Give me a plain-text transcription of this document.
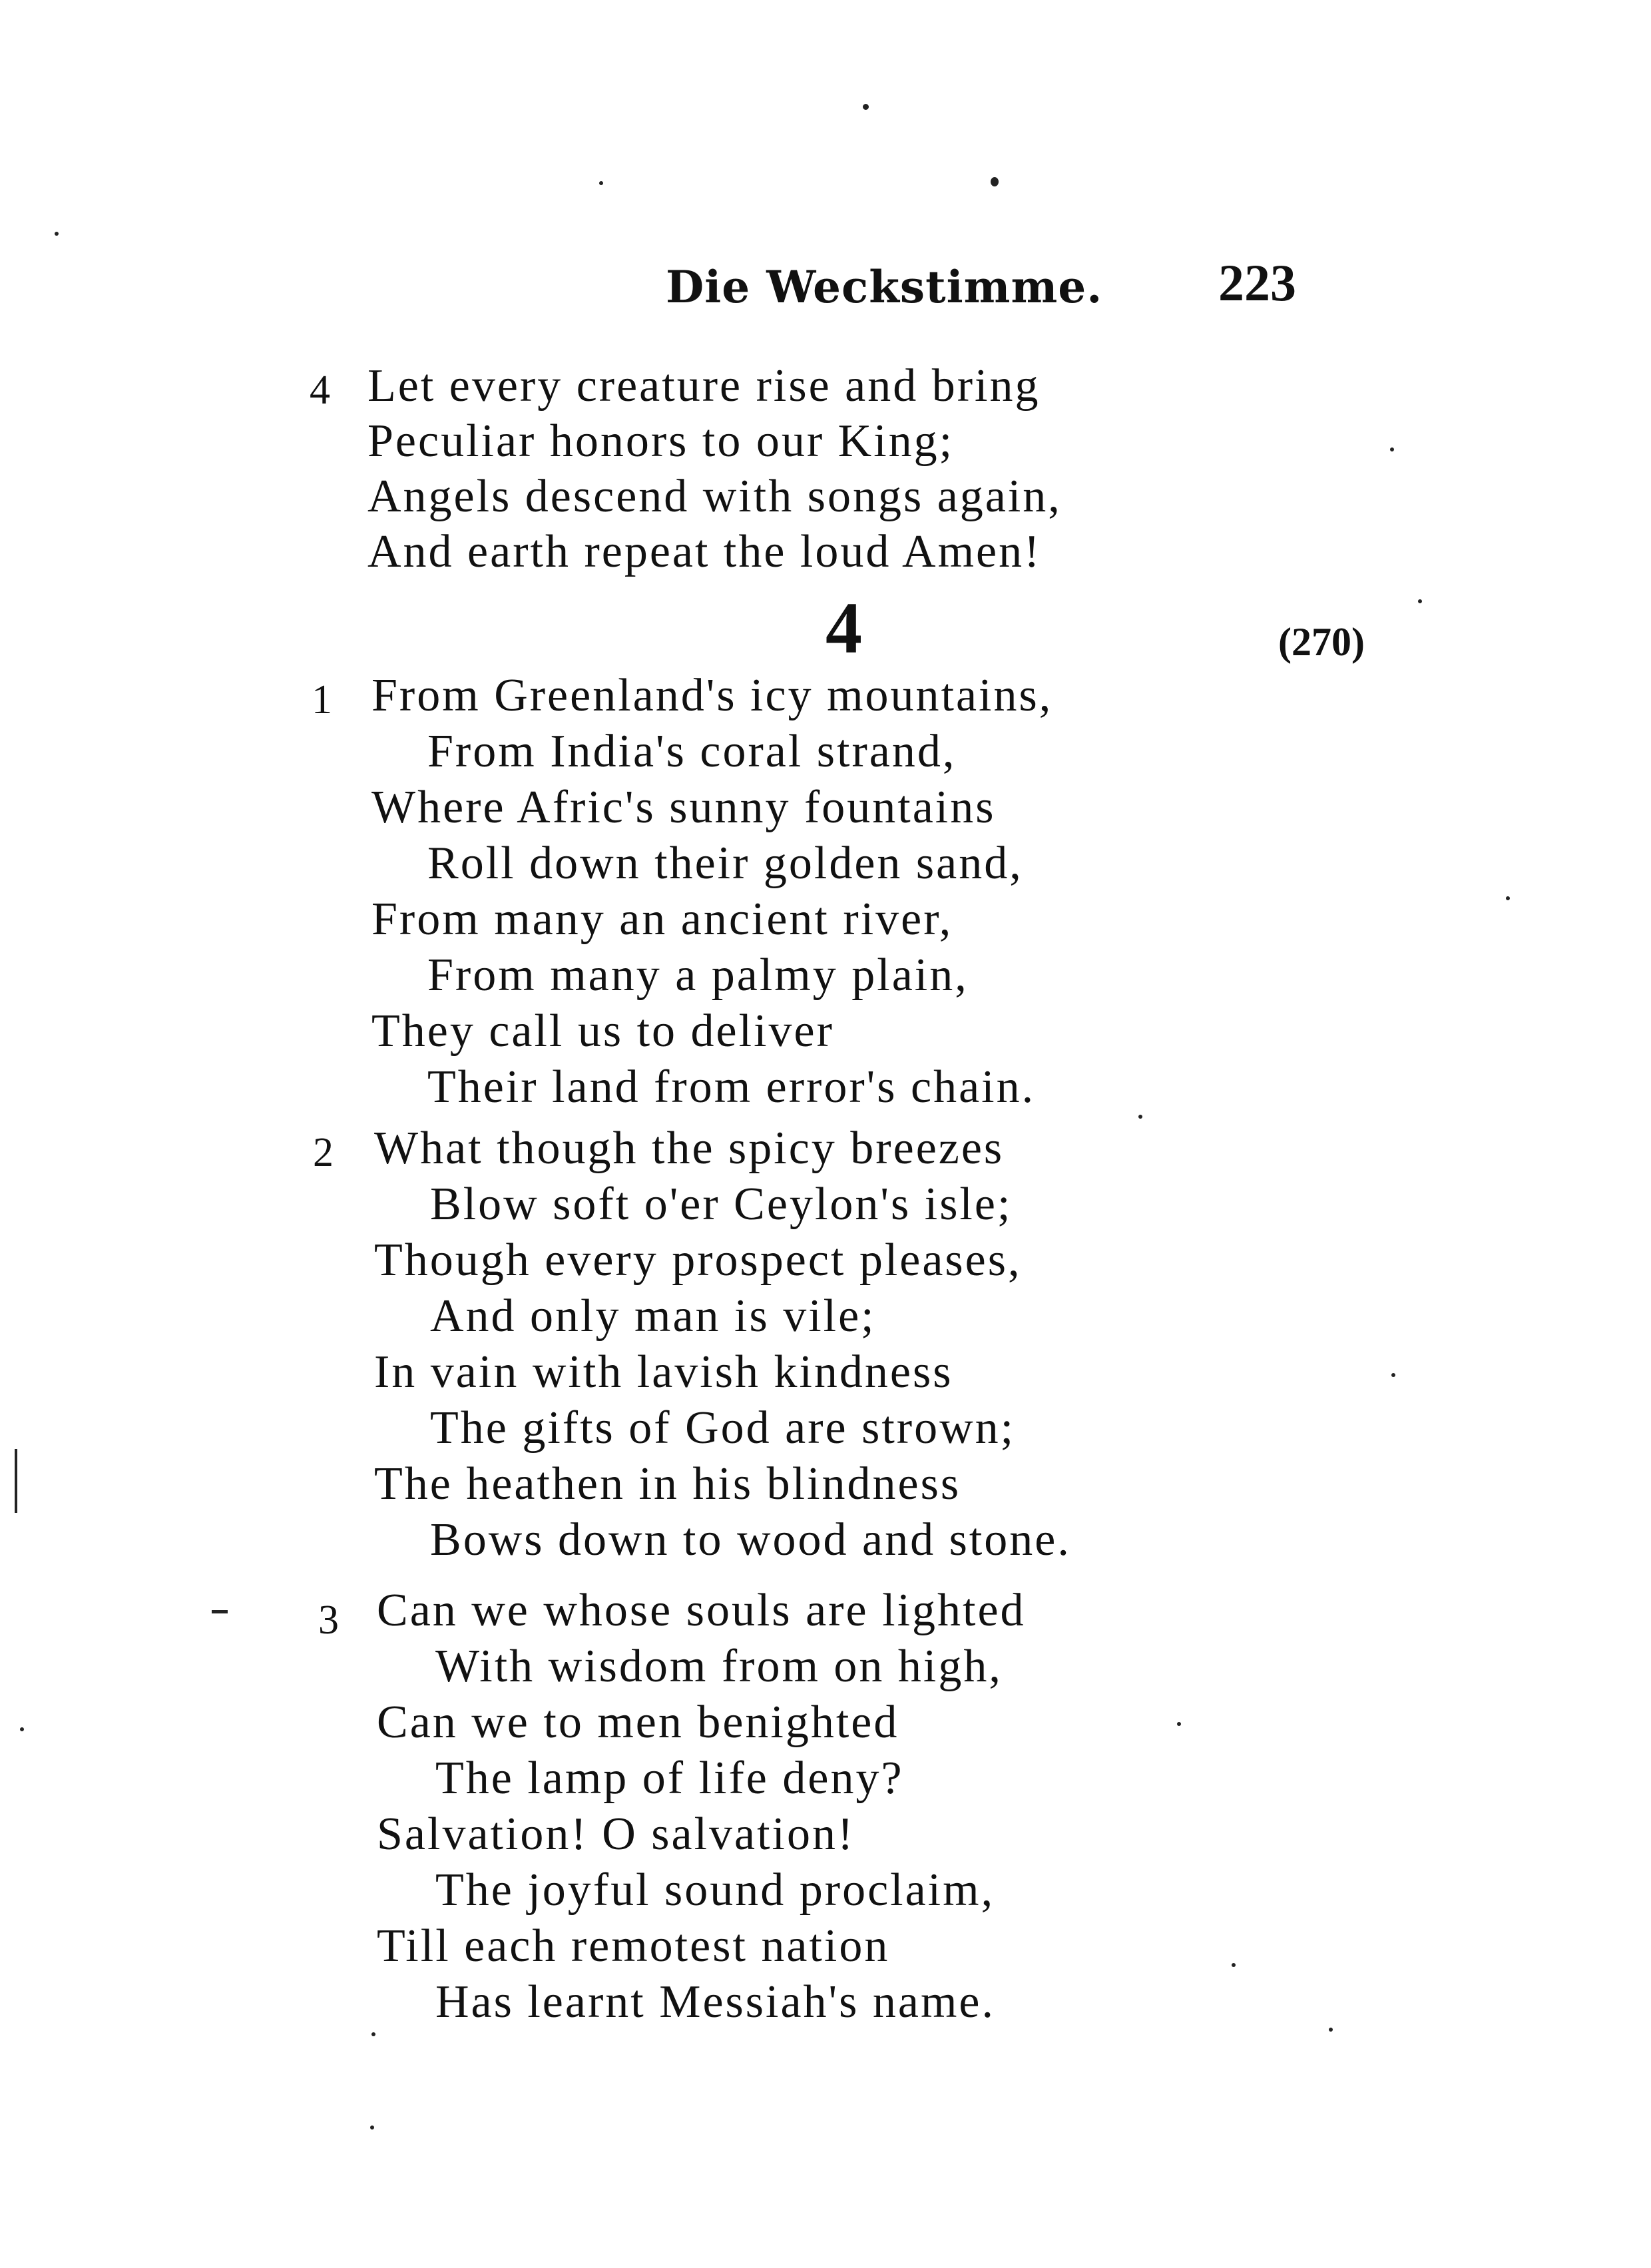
Die Weckstimme. 223
4 Let every creature rise and bring
Peculiar honors to our King;
Angels descend with songs again,
And earth repeat the loud Amen!
4	(270)
1 From Greenland's icy mountains,
From India's coral strand,
Where Afric's sunny fountains
Roll down their golden sand,
From many an ancient river,
From many a palmy plain,
They call us to deliver
Their land from error's chain.
2 What though the spicy breezes
Blow soft o'er Ceylon's isle;
Though every prospect pleases,
And only man is vile;
In vain with lavish kindness
The gifts of God are strown;
The heathen in his blindness
Bows down to wood and stone.
3 Can we whose souls are lighted
With wisdom from on high,
Can we to men benighted
The lamp of life deny?
Salvation! O salvation!
The joyful sound proclaim,
Till each remotest nation
Has learnt Messiah's name.
